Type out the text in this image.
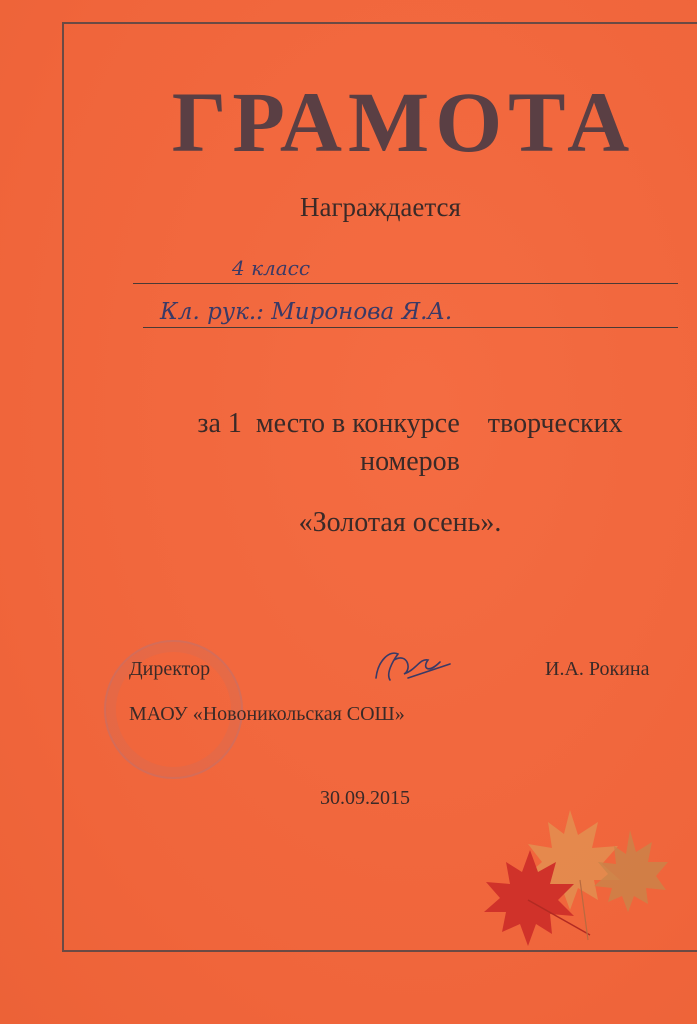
ГРАМОТА
Награждается
4 класс
Кл. рук.: Миронова Я.А.
за 1  место в конкурсе    творческих
номеров
«Золотая осень».
Директор	И.А. Рокина
МАОУ «Новоникольская СОШ»
30.09.2015
